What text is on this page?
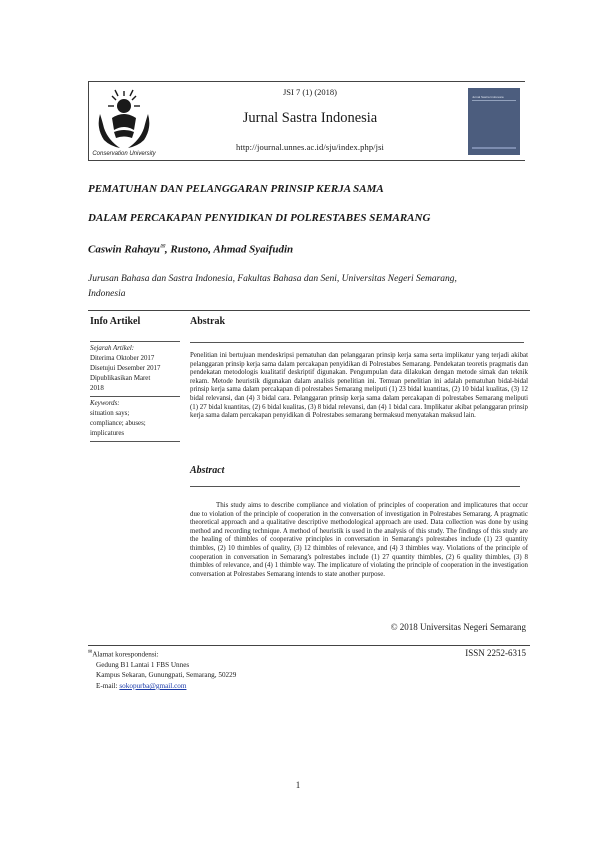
Conservation University
JSI 7 (1) (2018)
Jurnal Sastra Indonesia
http://journal.unnes.ac.id/sju/index.php/jsi
Jurnal Sastra Indonesia
PEMATUHAN DAN PELANGGARAN PRINSIP KERJA SAMA
DALAM PERCAKAPAN PENYIDIKAN DI POLRESTABES SEMARANG
Caswin Rahayu✉, Rustono, Ahmad Syaifudin
Jurusan Bahasa dan Sastra Indonesia, Fakultas Bahasa dan Seni, Universitas Negeri Semarang,
Indonesia
Info Artikel	Abstrak
Sejarah Artikel:
Diterima Oktober 2017
Disetujui Desember 2017
Dipublikasikan Maret
2018
Keywords:
situation says;
compliance; abuses;
implicatures
Penelitian ini bertujuan mendeskripsi pematuhan dan pelanggaran prinsip kerja sama serta implikatur yang terjadi akibat pelanggaran prinsip kerja sama dalam percakapan penyidikan di Polrestabes Semarang. Pendekatan teoretis pragmatis dan pendekatan metodologis kualitatif deskriptif digunakan. Pengumpulan data dilakukan dengan metode simak dan teknik rekam. Metode heuristik digunakan dalam analisis penelitian ini. Temuan penelitian ini adalah pematuhan bidal-bidal prinsip kerja sama dalam percakapan di polrestabes Semarang meliputi (1) 23 bidal kuantitas, (2) 10 bidal kualitas, (3) 12 bidal relevansi, dan (4) 3 bidal cara. Pelanggaran prinsip kerja sama dalam percakapan di polrestabes Semarang meliputi (1) 27 bidal kuantitas, (2) 6 bidal kualitas, (3) 8 bidal relevansi, dan (4) 1 bidal cara. Implikatur akibat pelanggaran prinsip kerja sama dalam percakapan penyidikan di Polrestabes semarang bermaksud menyatakan maksud lain.
Abstract
This study aims to describe compliance and violation of principles of cooperation and implicatures that occur due to violation of the principle of cooperation in the conversation of investigation in Polrestabes Semarang. A pragmatic theoretical approach and a qualitative descriptive methodological approach are used. Data collection was done by using method and recording technique. A method of heuristik is used in the analysis of this study. The findings of this study are the healing of thimbles of cooperative principles in conversation in Semarang's polrestabes include (1) 23 quantity thimbles, (2) 10 thimbles of quality, (3) 12 thimbles of relevance, and (4) 3 thimbles way. Violations of the principle of cooperation in conversation in Semarang's polrestabes include (1) 27 quantity thimbles, (2) 6 quality thimbles, (3) 8 thimbles of relevance, and (4) 1 thimble way. The implicature of violating the principle of cooperation in the investigation conversation at Polrestabes Semarang intends to state another purpose.
© 2018 Universitas Negeri Semarang
✉Alamat korespondensi:
Gedung B1 Lantai 1 FBS Unnes
Kampus Sekaran, Gunungpati, Semarang, 50229
E-mail: sokopurba@gmail.com
ISSN 2252-6315
1
